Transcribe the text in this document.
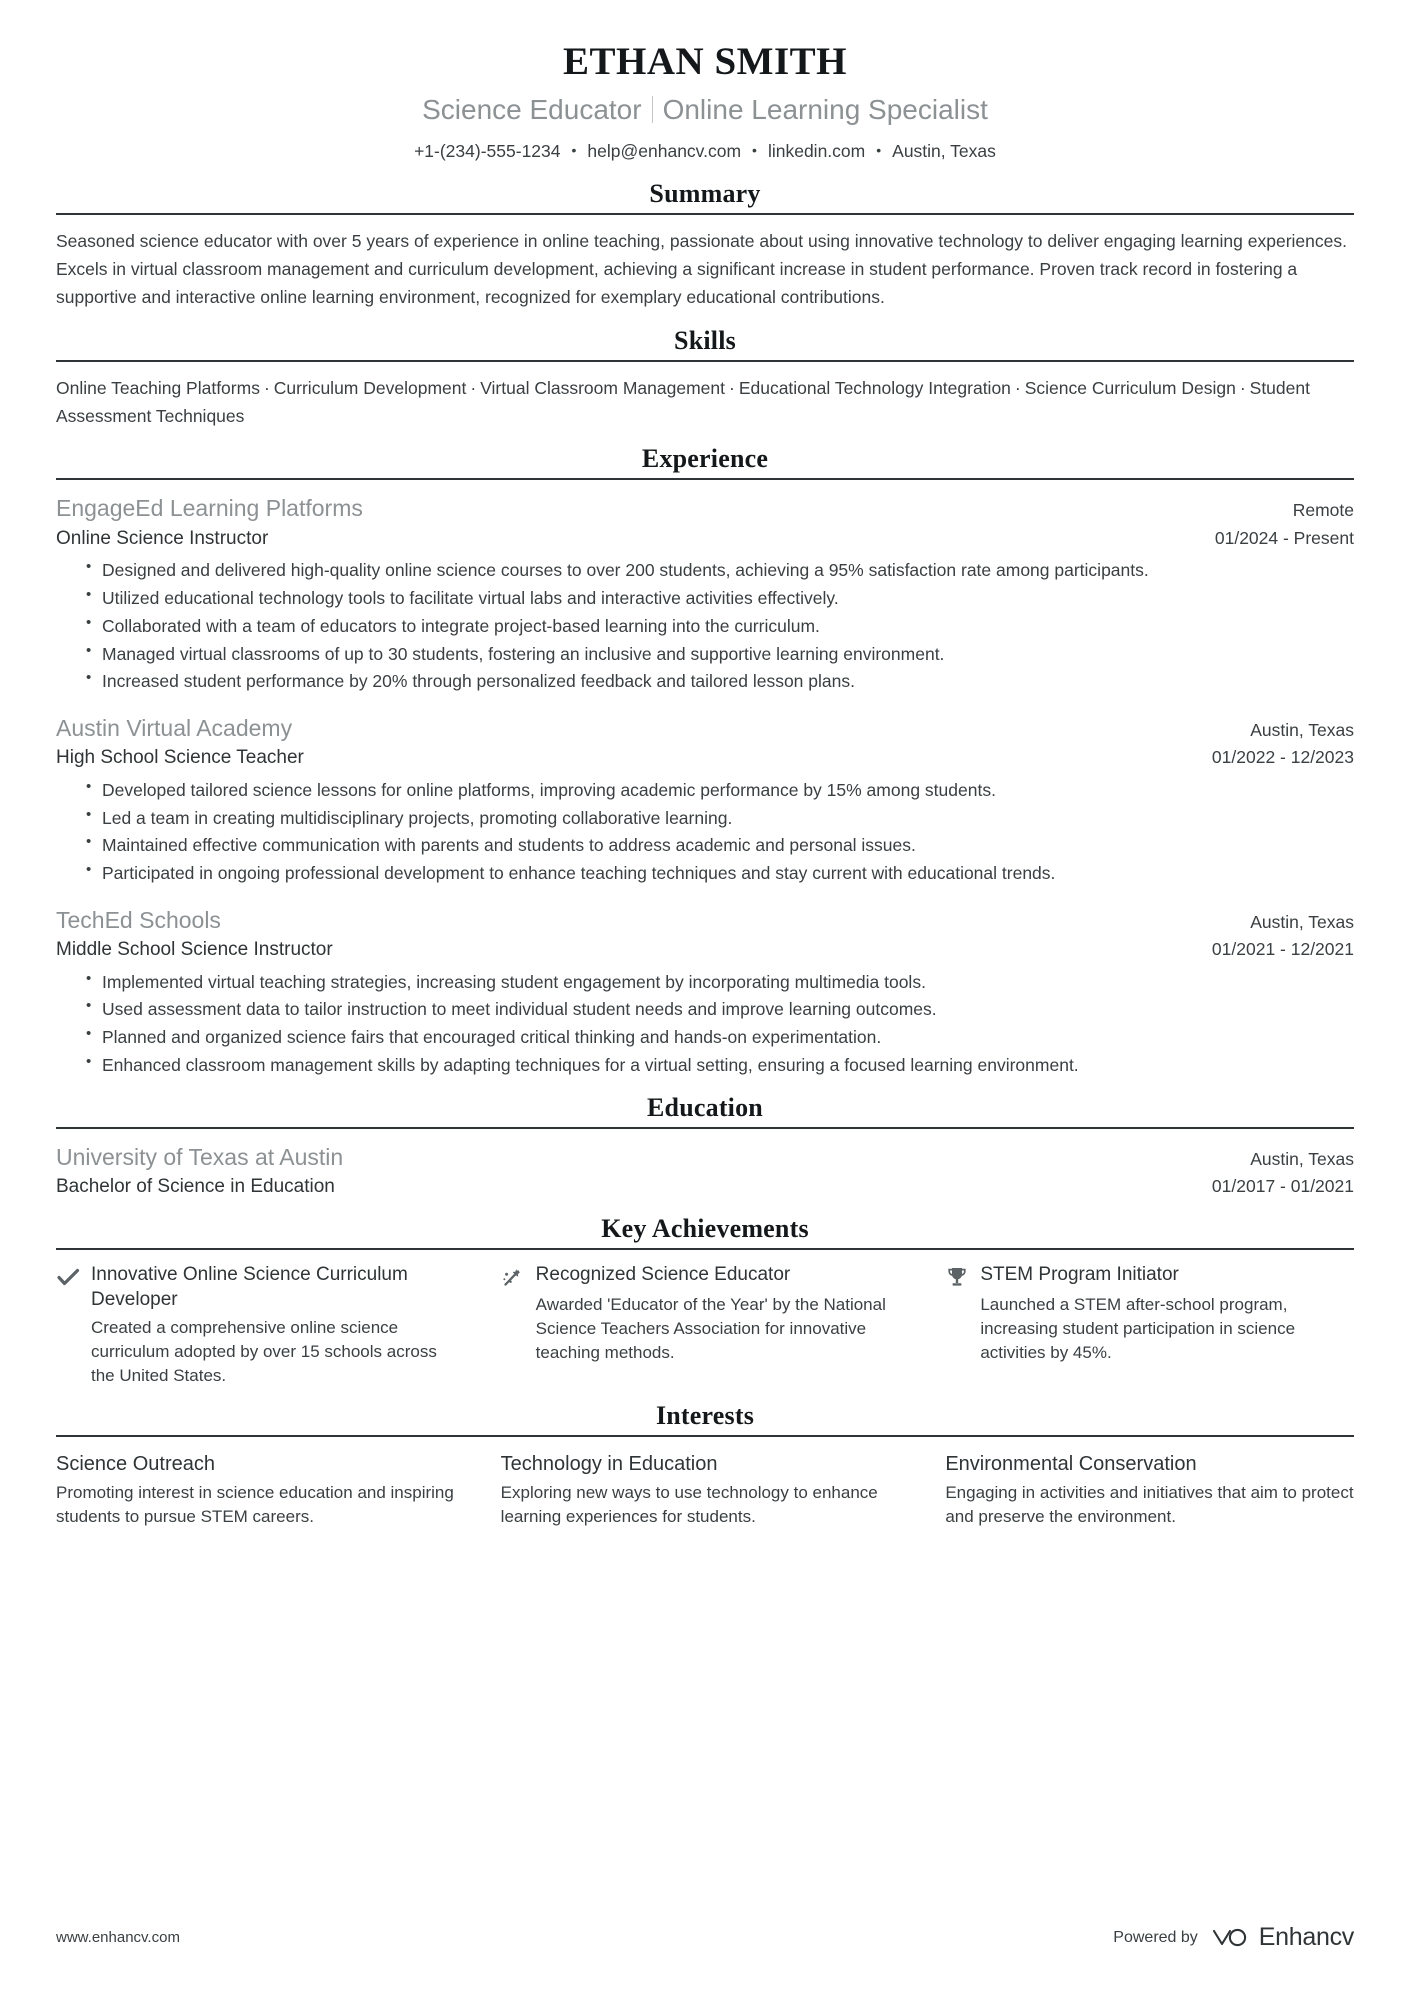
ETHAN SMITH
Science Educator Online Learning Specialist
+1-(234)-555-1234 • help@enhancv.com • linkedin.com • Austin, Texas
Summary
Seasoned science educator with over 5 years of experience in online teaching, passionate about using innovative technology to deliver engaging learning experiences. Excels in virtual classroom management and curriculum development, achieving a significant increase in student performance. Proven track record in fostering a supportive and interactive online learning environment, recognized for exemplary educational contributions.
Skills
Online Teaching Platforms · Curriculum Development · Virtual Classroom Management · Educational Technology Integration · Science Curriculum Design · Student Assessment Techniques
Experience
EngageEd Learning Platforms	Remote
Online Science Instructor	01/2024 - Present
• Designed and delivered high-quality online science courses to over 200 students, achieving a 95% satisfaction rate among participants.
• Utilized educational technology tools to facilitate virtual labs and interactive activities effectively.
• Collaborated with a team of educators to integrate project-based learning into the curriculum.
• Managed virtual classrooms of up to 30 students, fostering an inclusive and supportive learning environment.
• Increased student performance by 20% through personalized feedback and tailored lesson plans.
Austin Virtual Academy	Austin, Texas
High School Science Teacher	01/2022 - 12/2023
• Developed tailored science lessons for online platforms, improving academic performance by 15% among students.
• Led a team in creating multidisciplinary projects, promoting collaborative learning.
• Maintained effective communication with parents and students to address academic and personal issues.
• Participated in ongoing professional development to enhance teaching techniques and stay current with educational trends.
TechEd Schools	Austin, Texas
Middle School Science Instructor	01/2021 - 12/2021
• Implemented virtual teaching strategies, increasing student engagement by incorporating multimedia tools.
• Used assessment data to tailor instruction to meet individual student needs and improve learning outcomes.
• Planned and organized science fairs that encouraged critical thinking and hands-on experimentation.
• Enhanced classroom management skills by adapting techniques for a virtual setting, ensuring a focused learning environment.
Education
University of Texas at Austin	Austin, Texas
Bachelor of Science in Education	01/2017 - 01/2021
Key Achievements
Innovative Online Science Curriculum Developer
Created a comprehensive online science curriculum adopted by over 15 schools across the United States.
Recognized Science Educator
Awarded 'Educator of the Year' by the National Science Teachers Association for innovative teaching methods.
STEM Program Initiator
Launched a STEM after-school program, increasing student participation in science activities by 45%.
Interests
Science Outreach
Promoting interest in science education and inspiring students to pursue STEM careers.
Technology in Education
Exploring new ways to use technology to enhance learning experiences for students.
Environmental Conservation
Engaging in activities and initiatives that aim to protect and preserve the environment.
www.enhancv.com	Powered by Enhancv
